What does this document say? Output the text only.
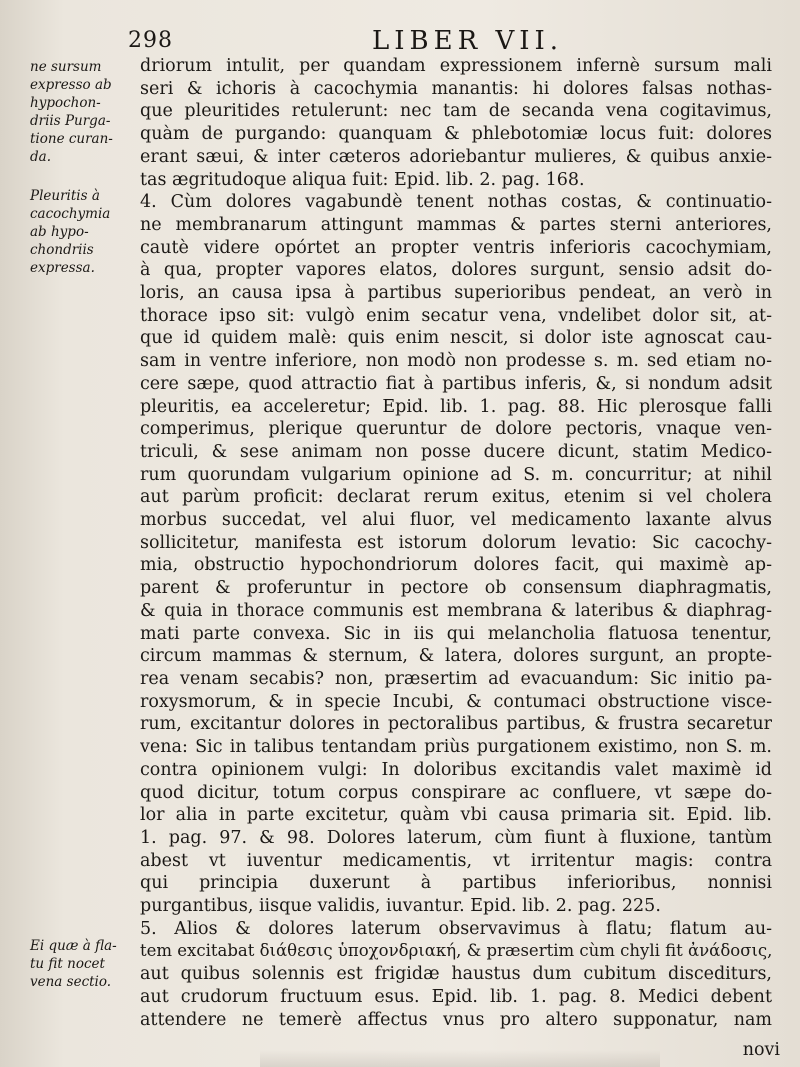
298	LIBER VII.
ne sursum
expresso ab
hypochon-
driis Purga-
tione curan-
da.
Pleuritis à
cacochymia
ab hypo-
chondriis
expressa.
Ei quæ à fla-
tu fit nocet
vena sectio.
driorum intulit, per quandam expressionem infernè sursum mali
seri & ichoris à cacochymia manantis: hi dolores falsas nothas-
que pleuritides retulerunt: nec tam de secanda vena cogitavimus,
quàm de purgando: quanquam & phlebotomiæ locus fuit: dolores
erant sæui, & inter cæteros adoriebantur mulieres, & quibus anxie-
tas ægritudoque aliqua fuit: Epid. lib. 2. pag. 168.
4. Cùm dolores vagabundè tenent nothas costas, & continuatio-
ne membranarum attingunt mammas & partes sterni anteriores,
cautè videre opórtet an propter ventris inferioris cacochymiam,
à qua, propter vapores elatos, dolores surgunt, sensio adsit do-
loris, an causa ipsa à partibus superioribus pendeat, an verò in
thorace ipso sit: vulgò enim secatur vena, vndelibet dolor sit, at-
que id quidem malè: quis enim nescit, si dolor iste agnoscat cau-
sam in ventre inferiore, non modò non prodesse s. m. sed etiam no-
cere sæpe, quod attractio fiat à partibus inferis, &, si nondum adsit
pleuritis, ea acceleretur; Epid. lib. 1. pag. 88. Hic plerosque falli
comperimus, plerique queruntur de dolore pectoris, vnaque ven-
triculi, & sese animam non posse ducere dicunt, statim Medico-
rum quorundam vulgarium opinione ad S. m. concurritur; at nihil
aut parùm proficit: declarat rerum exitus, etenim si vel cholera
morbus succedat, vel alui fluor, vel medicamento laxante alvus
sollicitetur, manifesta est istorum dolorum levatio: Sic cacochy-
mia, obstructio hypochondriorum dolores facit, qui maximè ap-
parent & proferuntur in pectore ob consensum diaphragmatis,
& quia in thorace communis est membrana & lateribus & diaphrag-
mati parte convexa. Sic in iis qui melancholia flatuosa tenentur,
circum mammas & sternum, & latera, dolores surgunt, an propte-
rea venam secabis? non, præsertim ad evacuandum: Sic initio pa-
roxysmorum, & in specie Incubi, & contumaci obstructione visce-
rum, excitantur dolores in pectoralibus partibus, & frustra secaretur
vena: Sic in talibus tentandam priùs purgationem existimo, non S. m.
contra opinionem vulgi: In doloribus excitandis valet maximè id
quod dicitur, totum corpus conspirare ac confluere, vt sæpe do-
lor alia in parte excitetur, quàm vbi causa primaria sit. Epid. lib.
1. pag. 97. & 98. Dolores laterum, cùm fiunt à fluxione, tantùm
abest vt iuventur medicamentis, vt irritentur magis: contra
qui principia duxerunt à partibus inferioribus, nonnisi
purgantibus, iisque validis, iuvantur. Epid. lib. 2. pag. 225.
5. Alios & dolores laterum observavimus à flatu; flatum au-
tem excitabat διάθεσις ὑποχονδριακή, & præsertim cùm chyli fit ἀνάδοσις,
aut quibus solennis est frigidæ haustus dum cubitum discediturs,
aut crudorum fructuum esus. Epid. lib. 1. pag. 8. Medici debent
attendere ne temerè affectus vnus pro altero supponatur, nam
novi
